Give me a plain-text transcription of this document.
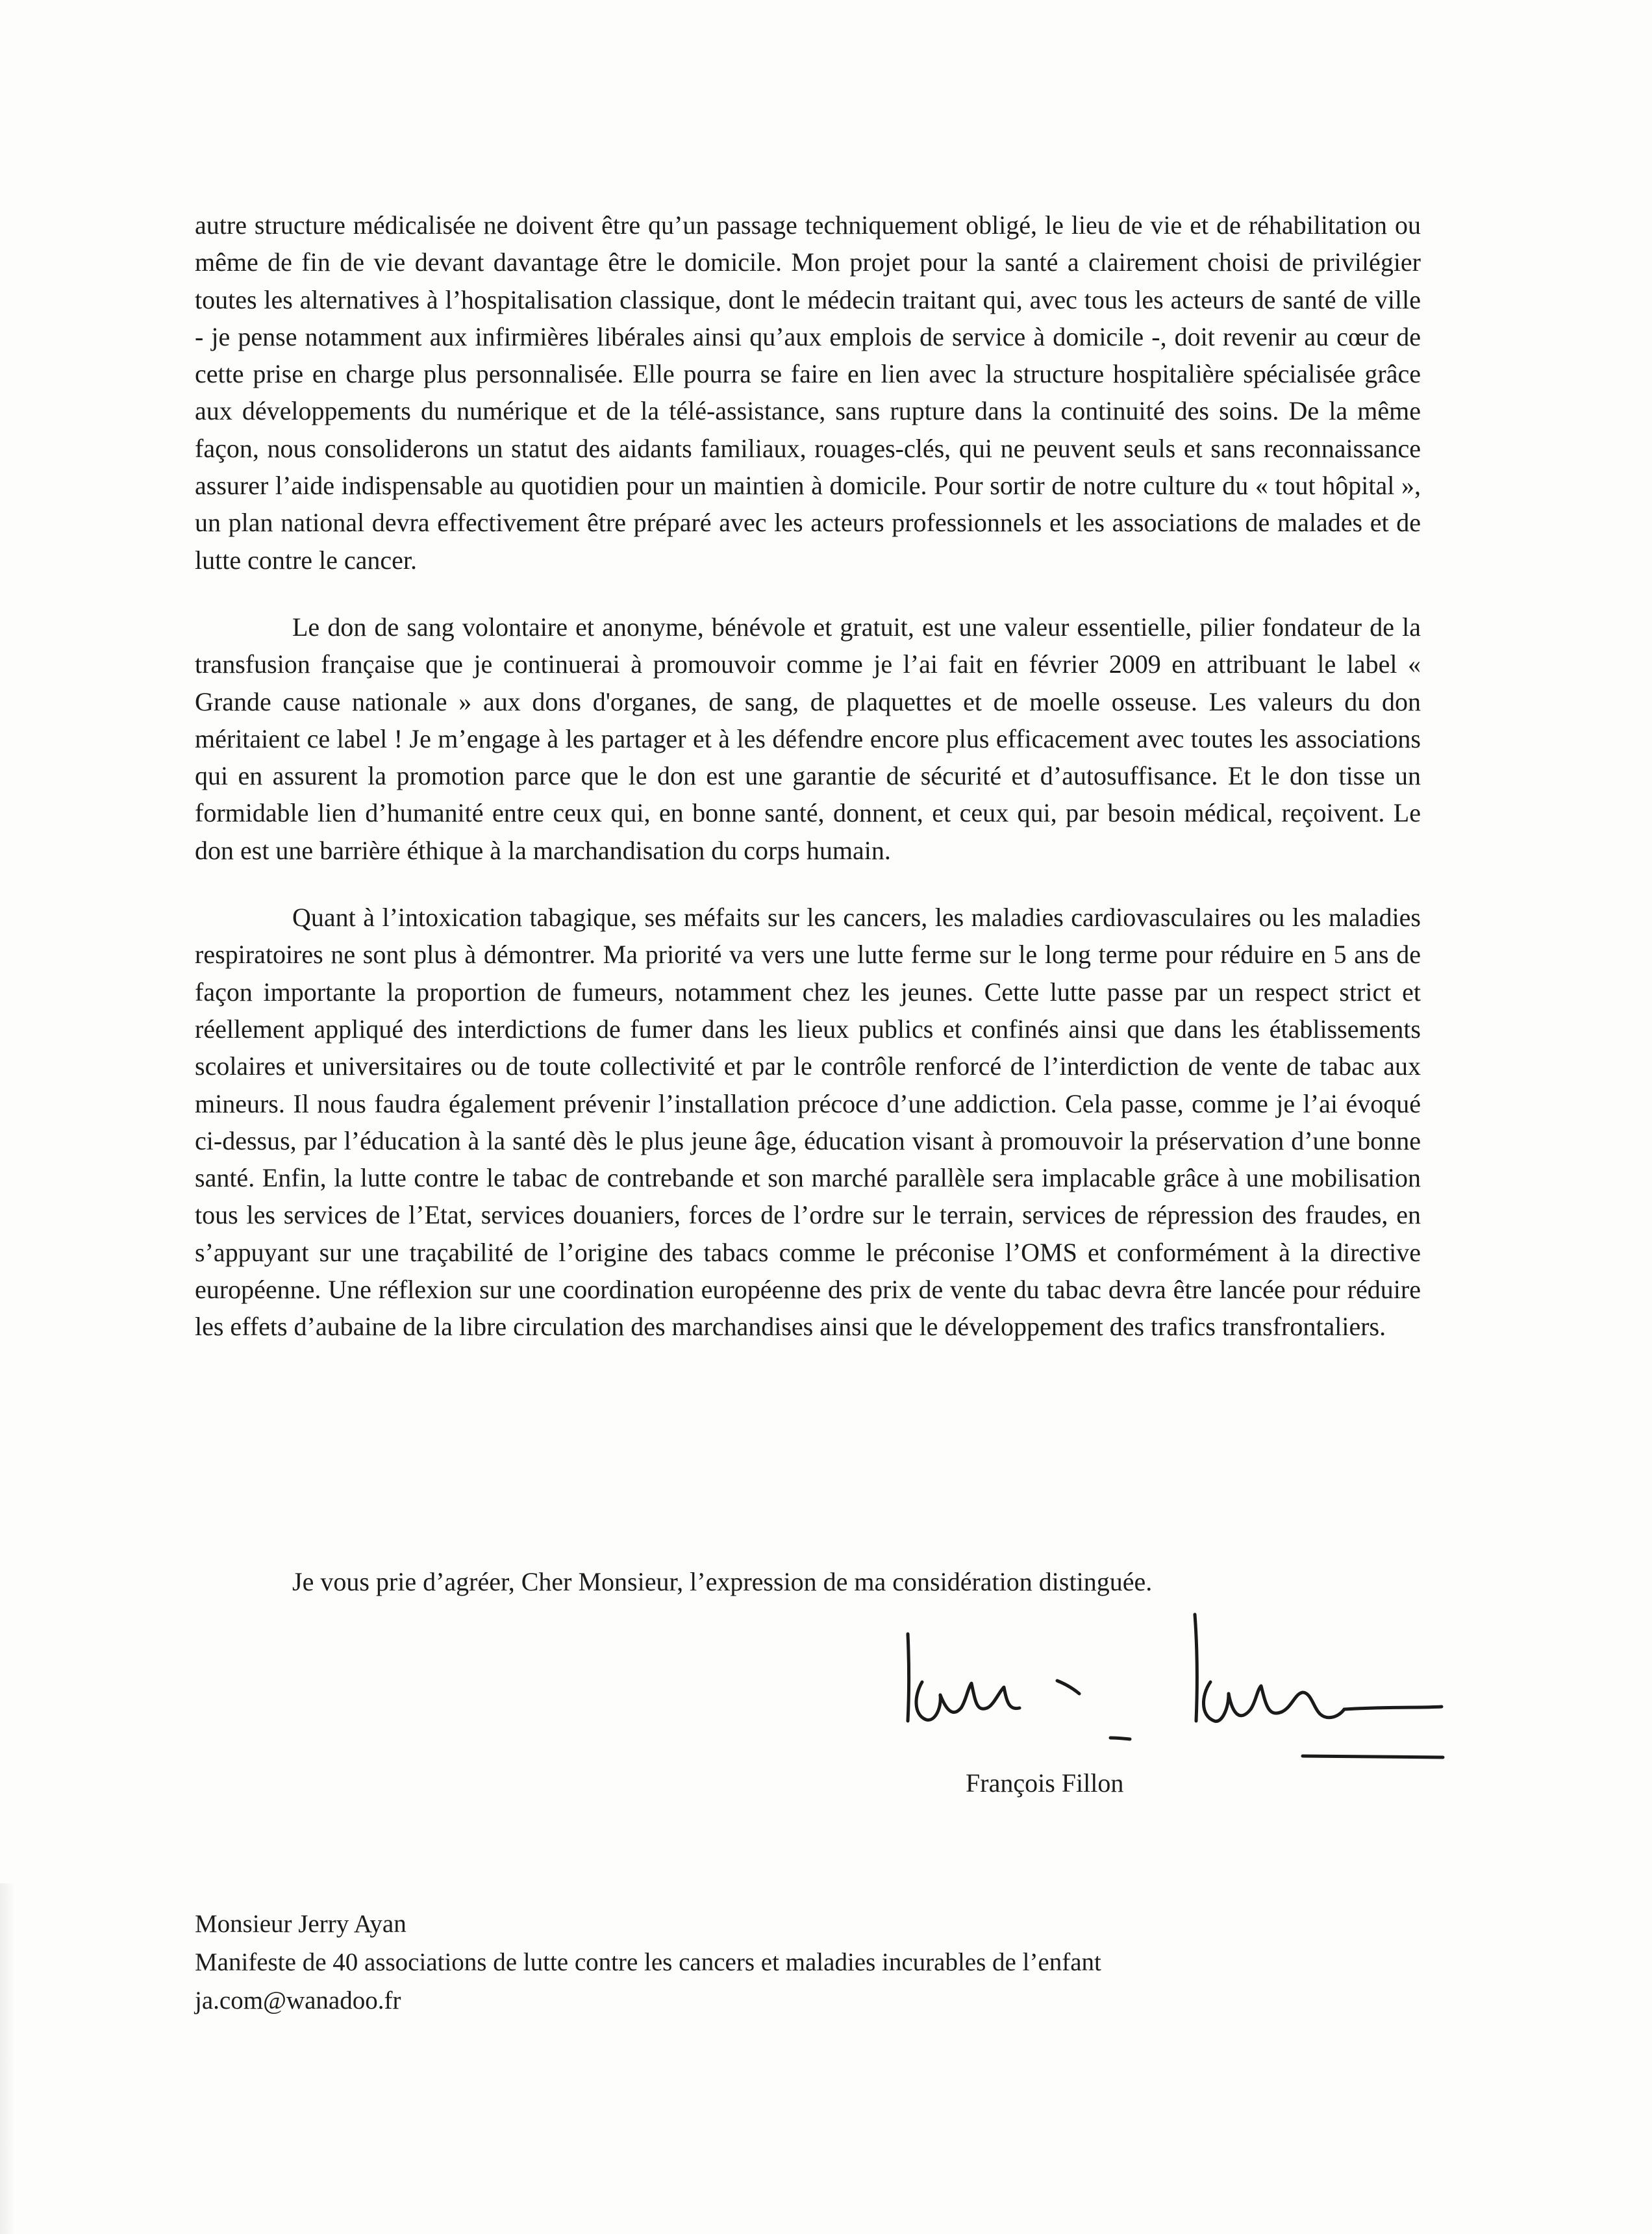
autre structure médicalisée ne doivent être qu’un passage techniquement obligé, le lieu de vie et de réhabilitation ou même de fin de vie devant davantage être le domicile. Mon projet pour la santé a clairement choisi de privilégier toutes les alternatives à l’hospitalisation classique, dont le médecin traitant qui, avec tous les acteurs de santé de ville - je pense notamment aux infirmières libérales ainsi qu’aux emplois de service à domicile -, doit revenir au cœur de cette prise en charge plus personnalisée. Elle pourra se faire en lien avec la structure hospitalière spécialisée grâce aux développements du numérique et de la télé-assistance, sans rupture dans la continuité des soins. De la même façon, nous consoliderons un statut des aidants familiaux, rouages-clés, qui ne peuvent seuls et sans reconnaissance assurer l’aide indispensable au quotidien pour un maintien à domicile. Pour sortir de notre culture du « tout hôpital », un plan national devra effectivement être préparé avec les acteurs professionnels et les associations de malades et de lutte contre le cancer.

Le don de sang volontaire et anonyme, bénévole et gratuit, est une valeur essentielle, pilier fondateur de la transfusion française que je continuerai à promouvoir comme je l’ai fait en février 2009 en attribuant le label « Grande cause nationale » aux dons d'organes, de sang, de plaquettes et de moelle osseuse. Les valeurs du don méritaient ce label ! Je m’engage à les partager et à les défendre encore plus efficacement avec toutes les associations qui en assurent la promotion parce que le don est une garantie de sécurité et d’autosuffisance. Et le don tisse un formidable lien d’humanité entre ceux qui, en bonne santé, donnent, et ceux qui, par besoin médical, reçoivent. Le don est une barrière éthique à la marchandisation du corps humain.

Quant à l’intoxication tabagique, ses méfaits sur les cancers, les maladies cardiovasculaires ou les maladies respiratoires ne sont plus à démontrer. Ma priorité va vers une lutte ferme sur le long terme pour réduire en 5 ans de façon importante la proportion de fumeurs, notamment chez les jeunes. Cette lutte passe par un respect strict et réellement appliqué des interdictions de fumer dans les lieux publics et confinés ainsi que dans les établissements scolaires et universitaires ou de toute collectivité et par le contrôle renforcé de l’interdiction de vente de tabac aux mineurs. Il nous faudra également prévenir l’installation précoce d’une addiction. Cela passe, comme je l’ai évoqué ci-dessus, par l’éducation à la santé dès le plus jeune âge, éducation visant à promouvoir la préservation d’une bonne santé. Enfin, la lutte contre le tabac de contrebande et son marché parallèle sera implacable grâce à une mobilisation tous les services de l’Etat, services douaniers, forces de l’ordre sur le terrain, services de répression des fraudes, en s’appuyant sur une traçabilité de l’origine des tabacs comme le préconise l’OMS et conformément à la directive européenne. Une réflexion sur une coordination européenne des prix de vente du tabac devra être lancée pour réduire les effets d’aubaine de la libre circulation des marchandises ainsi que le développement des trafics transfrontaliers.

Je vous prie d’agréer, Cher Monsieur, l’expression de ma considération distinguée.
François Fillon
Monsieur Jerry Ayan
Manifeste de 40 associations de lutte contre les cancers et maladies incurables de l’enfant
ja.com@wanadoo.fr
